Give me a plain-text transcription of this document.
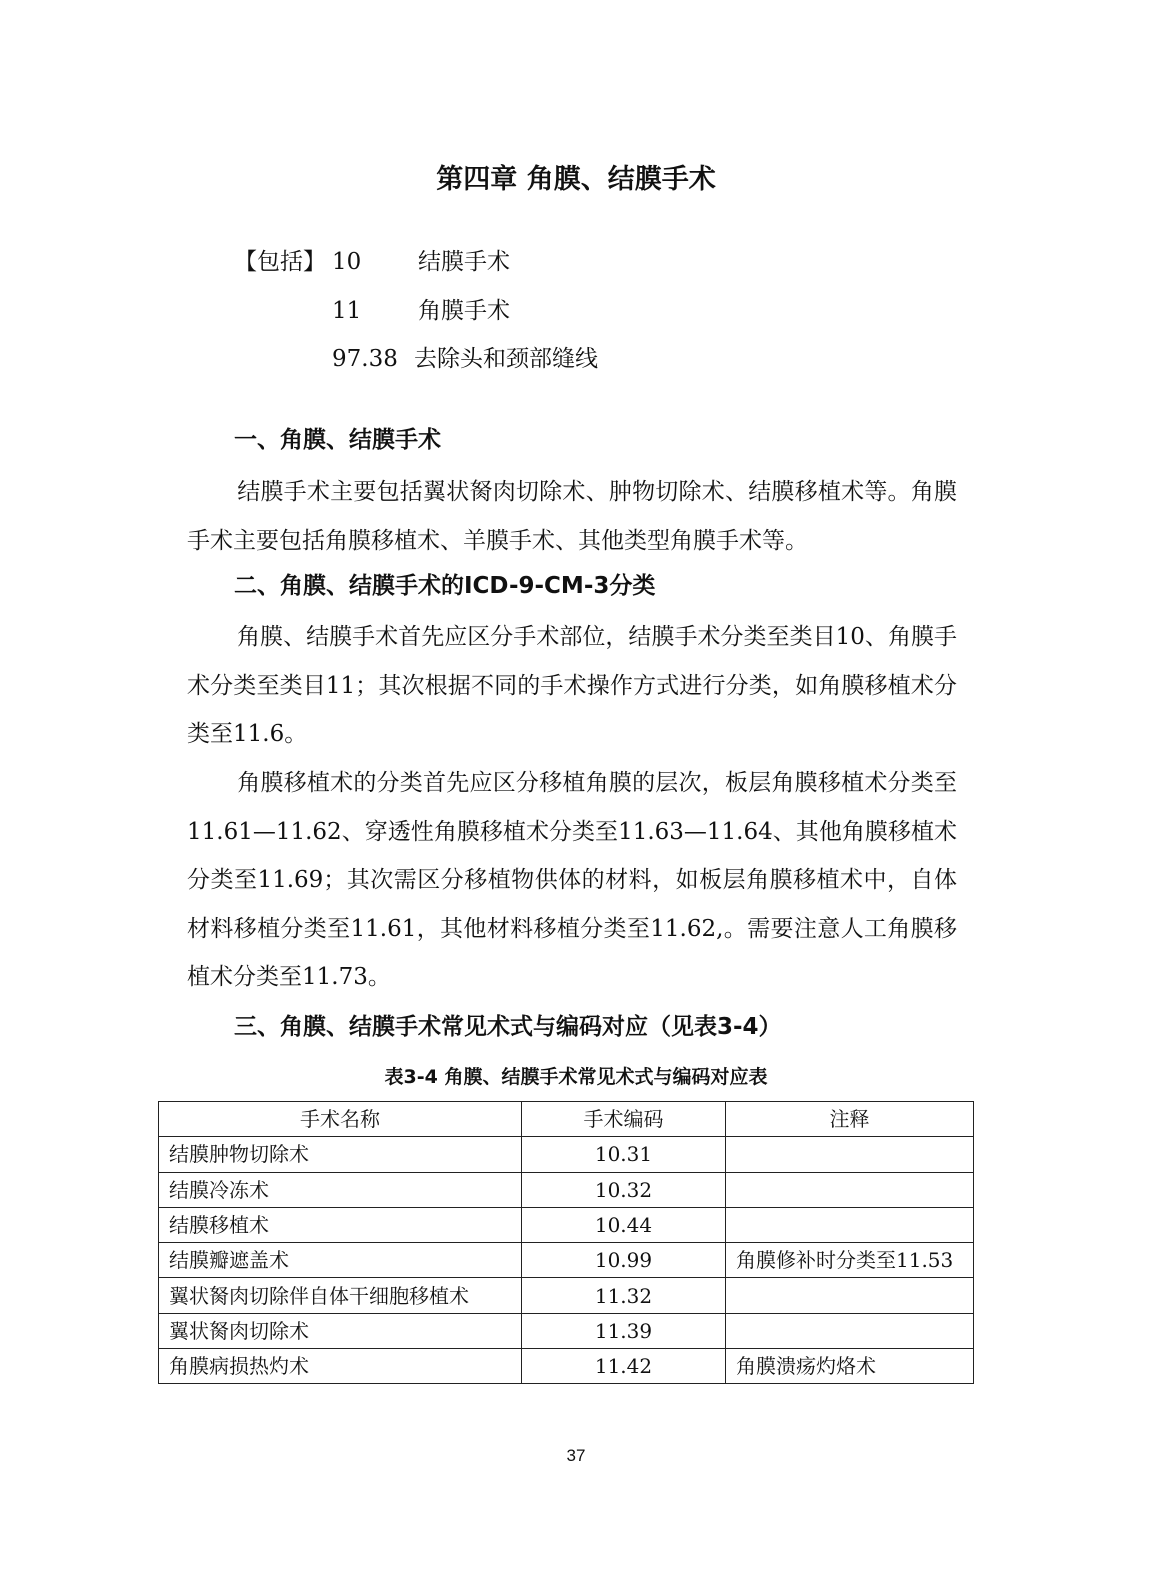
第四章 角膜、结膜手术
【包括】 10 结膜手术
11 角膜手术
97.38 去除头和颈部缝线
一、角膜、结膜手术
结膜手术主要包括翼状胬肉切除术、肿物切除术、结膜移植术等。角膜手术主要包括角膜移植术、羊膜手术、其他类型角膜手术等。
二、角膜、结膜手术的ICD-9-CM-3分类
角膜、结膜手术首先应区分手术部位，结膜手术分类至类目10、角膜手术分类至类目11；其次根据不同的手术操作方式进行分类，如角膜移植术分类至11.6。
角膜移植术的分类首先应区分移植角膜的层次，板层角膜移植术分类至11.61—11.62、穿透性角膜移植术分类至11.63—11.64、其他角膜移植术分类至11.69；其次需区分移植物供体的材料，如板层角膜移植术中，自体材料移植分类至11.61，其他材料移植分类至11.62,。需要注意人工角膜移植术分类至11.73。
三、角膜、结膜手术常见术式与编码对应（见表3-4）
表3-4 角膜、结膜手术常见术式与编码对应表
手术名称	手术编码	注释
结膜肿物切除术	10.31	
结膜冷冻术	10.32	
结膜移植术	10.44	
结膜瓣遮盖术	10.99	角膜修补时分类至11.53
翼状胬肉切除伴自体干细胞移植术	11.32	
翼状胬肉切除术	11.39	
角膜病损热灼术	11.42	角膜溃疡灼烙术
37
